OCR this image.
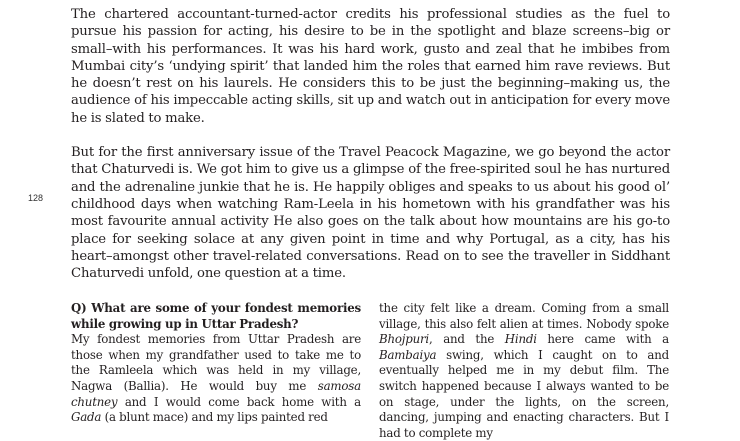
The chartered accountant-turned-actor credits his professional studies as the fuel to pursue his passion for acting, his desire to be in the spotlight and blaze screens–big or small–with his performances. It was his hard work, gusto and zeal that he imbibes from Mumbai city’s ‘undying spirit’ that landed him the roles that earned him rave reviews. But he doesn’t rest on his laurels. He considers this to be just the beginning–making us, the audience of his impeccable acting skills, sit up and watch out in anticipation for every move he is slated to make.

But for the first anniversary issue of the Travel Peacock Magazine, we go beyond the actor that Chaturvedi is. We got him to give us a glimpse of the free-spirited soul he has nurtured and the adrenaline junkie that he is. He happily obliges and speaks to us about his good ol’ childhood days when watching Ram-Leela in his hometown with his grandfather was his most favourite annual activity He also goes on the talk about how mountains are his go-to place for seeking solace at any given point in time and why Portugal, as a city, has his heart–amongst other travel-related conversations. Read on to see the traveller in Siddhant Chaturvedi unfold, one question at a time.

128

Q) What are some of your fondest memories while growing up in Uttar Pradesh?

My fondest memories from Uttar Pradesh are those when my grandfather used to take me to the Ramleela which was held in my village, Nagwa (Ballia). He would buy me samosa chutney and I would come back home with a Gada (a blunt mace) and my lips painted red

the city felt like a dream. Coming from a small village, this also felt alien at times. Nobody spoke Bhojpuri, and the Hindi here came with a Bambaiya swing, which I caught on to and eventually helped me in my debut film. The switch happened because I always wanted to be on stage, under the lights, on the screen, dancing, jumping and enacting characters. But I had to complete my
